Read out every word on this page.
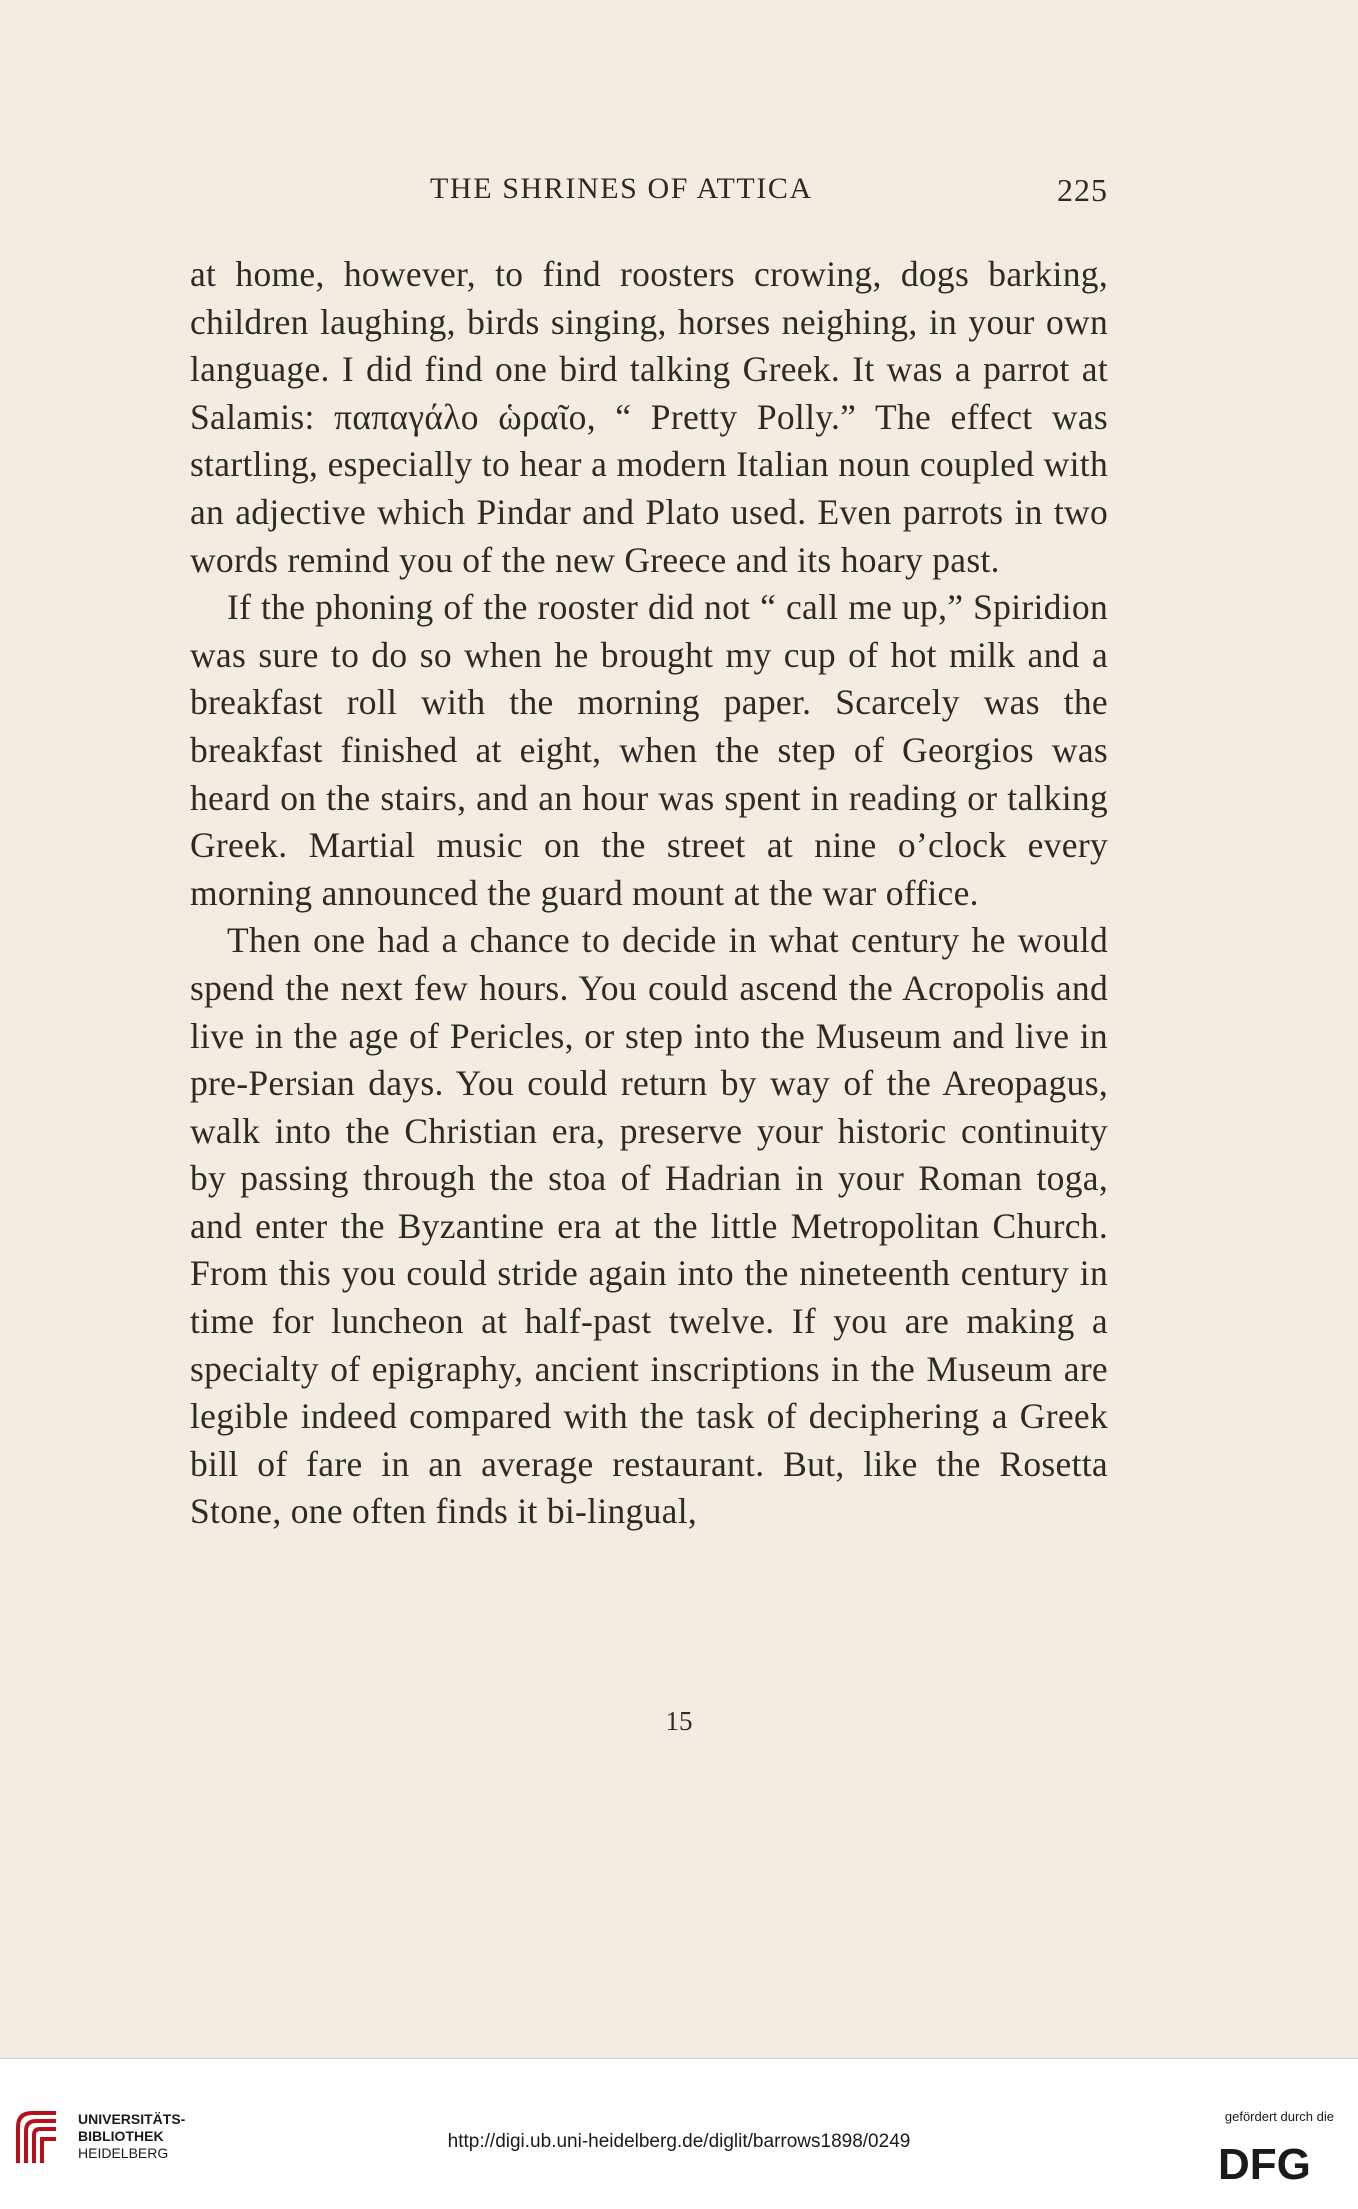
THE SHRINES OF ATTICA	225

at home, however, to find roosters crowing, dogs barking, children laughing, birds singing, horses neighing, in your own language. I did find one bird talking Greek. It was a parrot at Salamis: παπαγάλο ὡραῖο, “ Pretty Polly.” The effect was startling, especially to hear a modern Italian noun coupled with an adjective which Pindar and Plato used. Even parrots in two words remind you of the new Greece and its hoary past.

If the phoning of the rooster did not “ call me up,” Spiridion was sure to do so when he brought my cup of hot milk and a breakfast roll with the morning paper. Scarcely was the breakfast finished at eight, when the step of Georgios was heard on the stairs, and an hour was spent in reading or talking Greek. Martial music on the street at nine o’clock every morning announced the guard mount at the war office.

Then one had a chance to decide in what century he would spend the next few hours. You could ascend the Acropolis and live in the age of Pericles, or step into the Museum and live in pre-Persian days. You could return by way of the Areopagus, walk into the Christian era, preserve your historic continuity by passing through the stoa of Hadrian in your Roman toga, and enter the Byzantine era at the little Metropolitan Church. From this you could stride again into the nineteenth century in time for luncheon at half-past twelve. If you are making a specialty of epigraphy, ancient inscriptions in the Museum are legible indeed compared with the task of deciphering a Greek bill of fare in an average restaurant. But, like the Rosetta Stone, one often finds it bi-lingual,

15
UNIVERSITÄTS-
BIBLIOTHEK
HEIDELBERG
http://digi.ub.uni-heidelberg.de/diglit/barrows1898/0249
gefördert durch die
DFG
